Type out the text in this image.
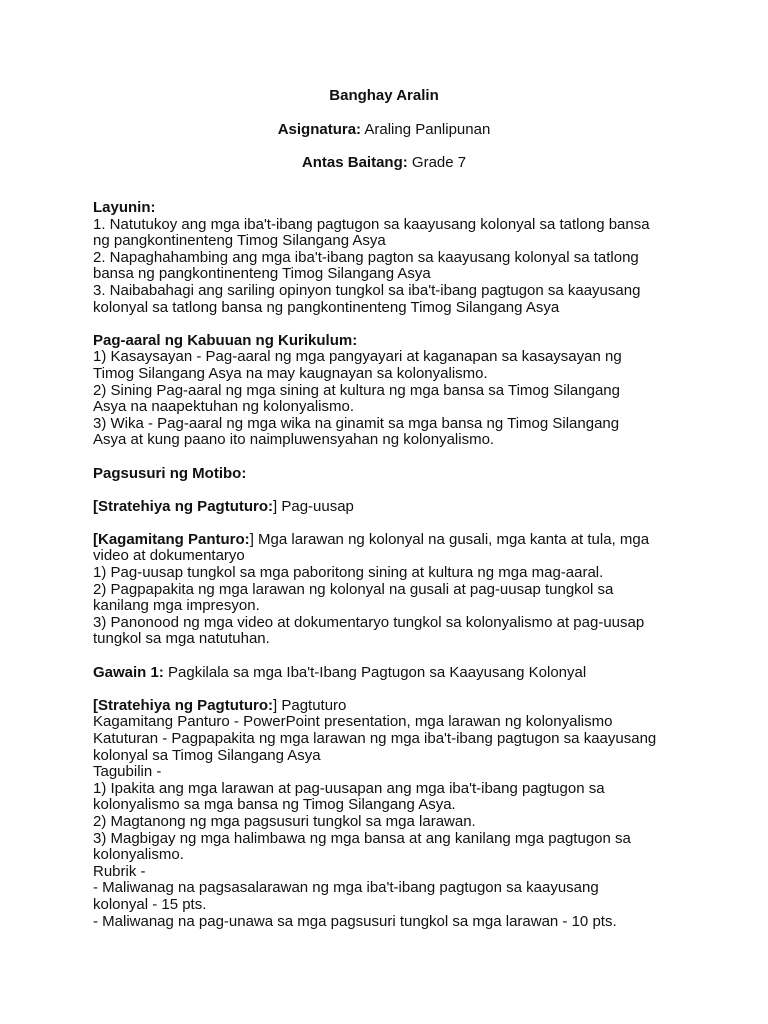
Banghay Aralin

Asignatura: Araling Panlipunan

Antas Baitang: Grade 7

Layunin:

1. Natutukoy ang mga iba't-ibang pagtugon sa kaayusang kolonyal sa tatlong bansa

ng pangkontinenteng Timog Silangang Asya

2. Napaghahambing ang mga iba't-ibang pagton sa kaayusang kolonyal sa tatlong

bansa ng pangkontinenteng Timog Silangang Asya

3. Naibabahagi ang sariling opinyon tungkol sa iba't-ibang pagtugon sa kaayusang

kolonyal sa tatlong bansa ng pangkontinenteng Timog Silangang Asya

Pag-aaral ng Kabuuan ng Kurikulum:

1) Kasaysayan - Pag-aaral ng mga pangyayari at kaganapan sa kasaysayan ng

Timog Silangang Asya na may kaugnayan sa kolonyalismo.

2) Sining Pag-aaral ng mga sining at kultura ng mga bansa sa Timog Silangang

Asya na naapektuhan ng kolonyalismo.

3) Wika - Pag-aaral ng mga wika na ginamit sa mga bansa ng Timog Silangang

Asya at kung paano ito naimpluwensyahan ng kolonyalismo.

Pagsusuri ng Motibo:

[Stratehiya ng Pagtuturo:] Pag-uusap

[Kagamitang Panturo:] Mga larawan ng kolonyal na gusali, mga kanta at tula, mga

video at dokumentaryo

1) Pag-uusap tungkol sa mga paboritong sining at kultura ng mga mag-aaral.

2) Pagpapakita ng mga larawan ng kolonyal na gusali at pag-uusap tungkol sa

kanilang mga impresyon.

3) Panonood ng mga video at dokumentaryo tungkol sa kolonyalismo at pag-uusap

tungkol sa mga natutuhan.

Gawain 1: Pagkilala sa mga Iba't-Ibang Pagtugon sa Kaayusang Kolonyal

[Stratehiya ng Pagtuturo:] Pagtuturo

Kagamitang Panturo - PowerPoint presentation, mga larawan ng kolonyalismo

Katuturan - Pagpapakita ng mga larawan ng mga iba't-ibang pagtugon sa kaayusang

kolonyal sa Timog Silangang Asya

Tagubilin -

1) Ipakita ang mga larawan at pag-uusapan ang mga iba't-ibang pagtugon sa

kolonyalismo sa mga bansa ng Timog Silangang Asya.

2) Magtanong ng mga pagsusuri tungkol sa mga larawan.

3) Magbigay ng mga halimbawa ng mga bansa at ang kanilang mga pagtugon sa

kolonyalismo.

Rubrik -

- Maliwanag na pagsasalarawan ng mga iba't-ibang pagtugon sa kaayusang

kolonyal - 15 pts.

- Maliwanag na pag-unawa sa mga pagsusuri tungkol sa mga larawan - 10 pts.
